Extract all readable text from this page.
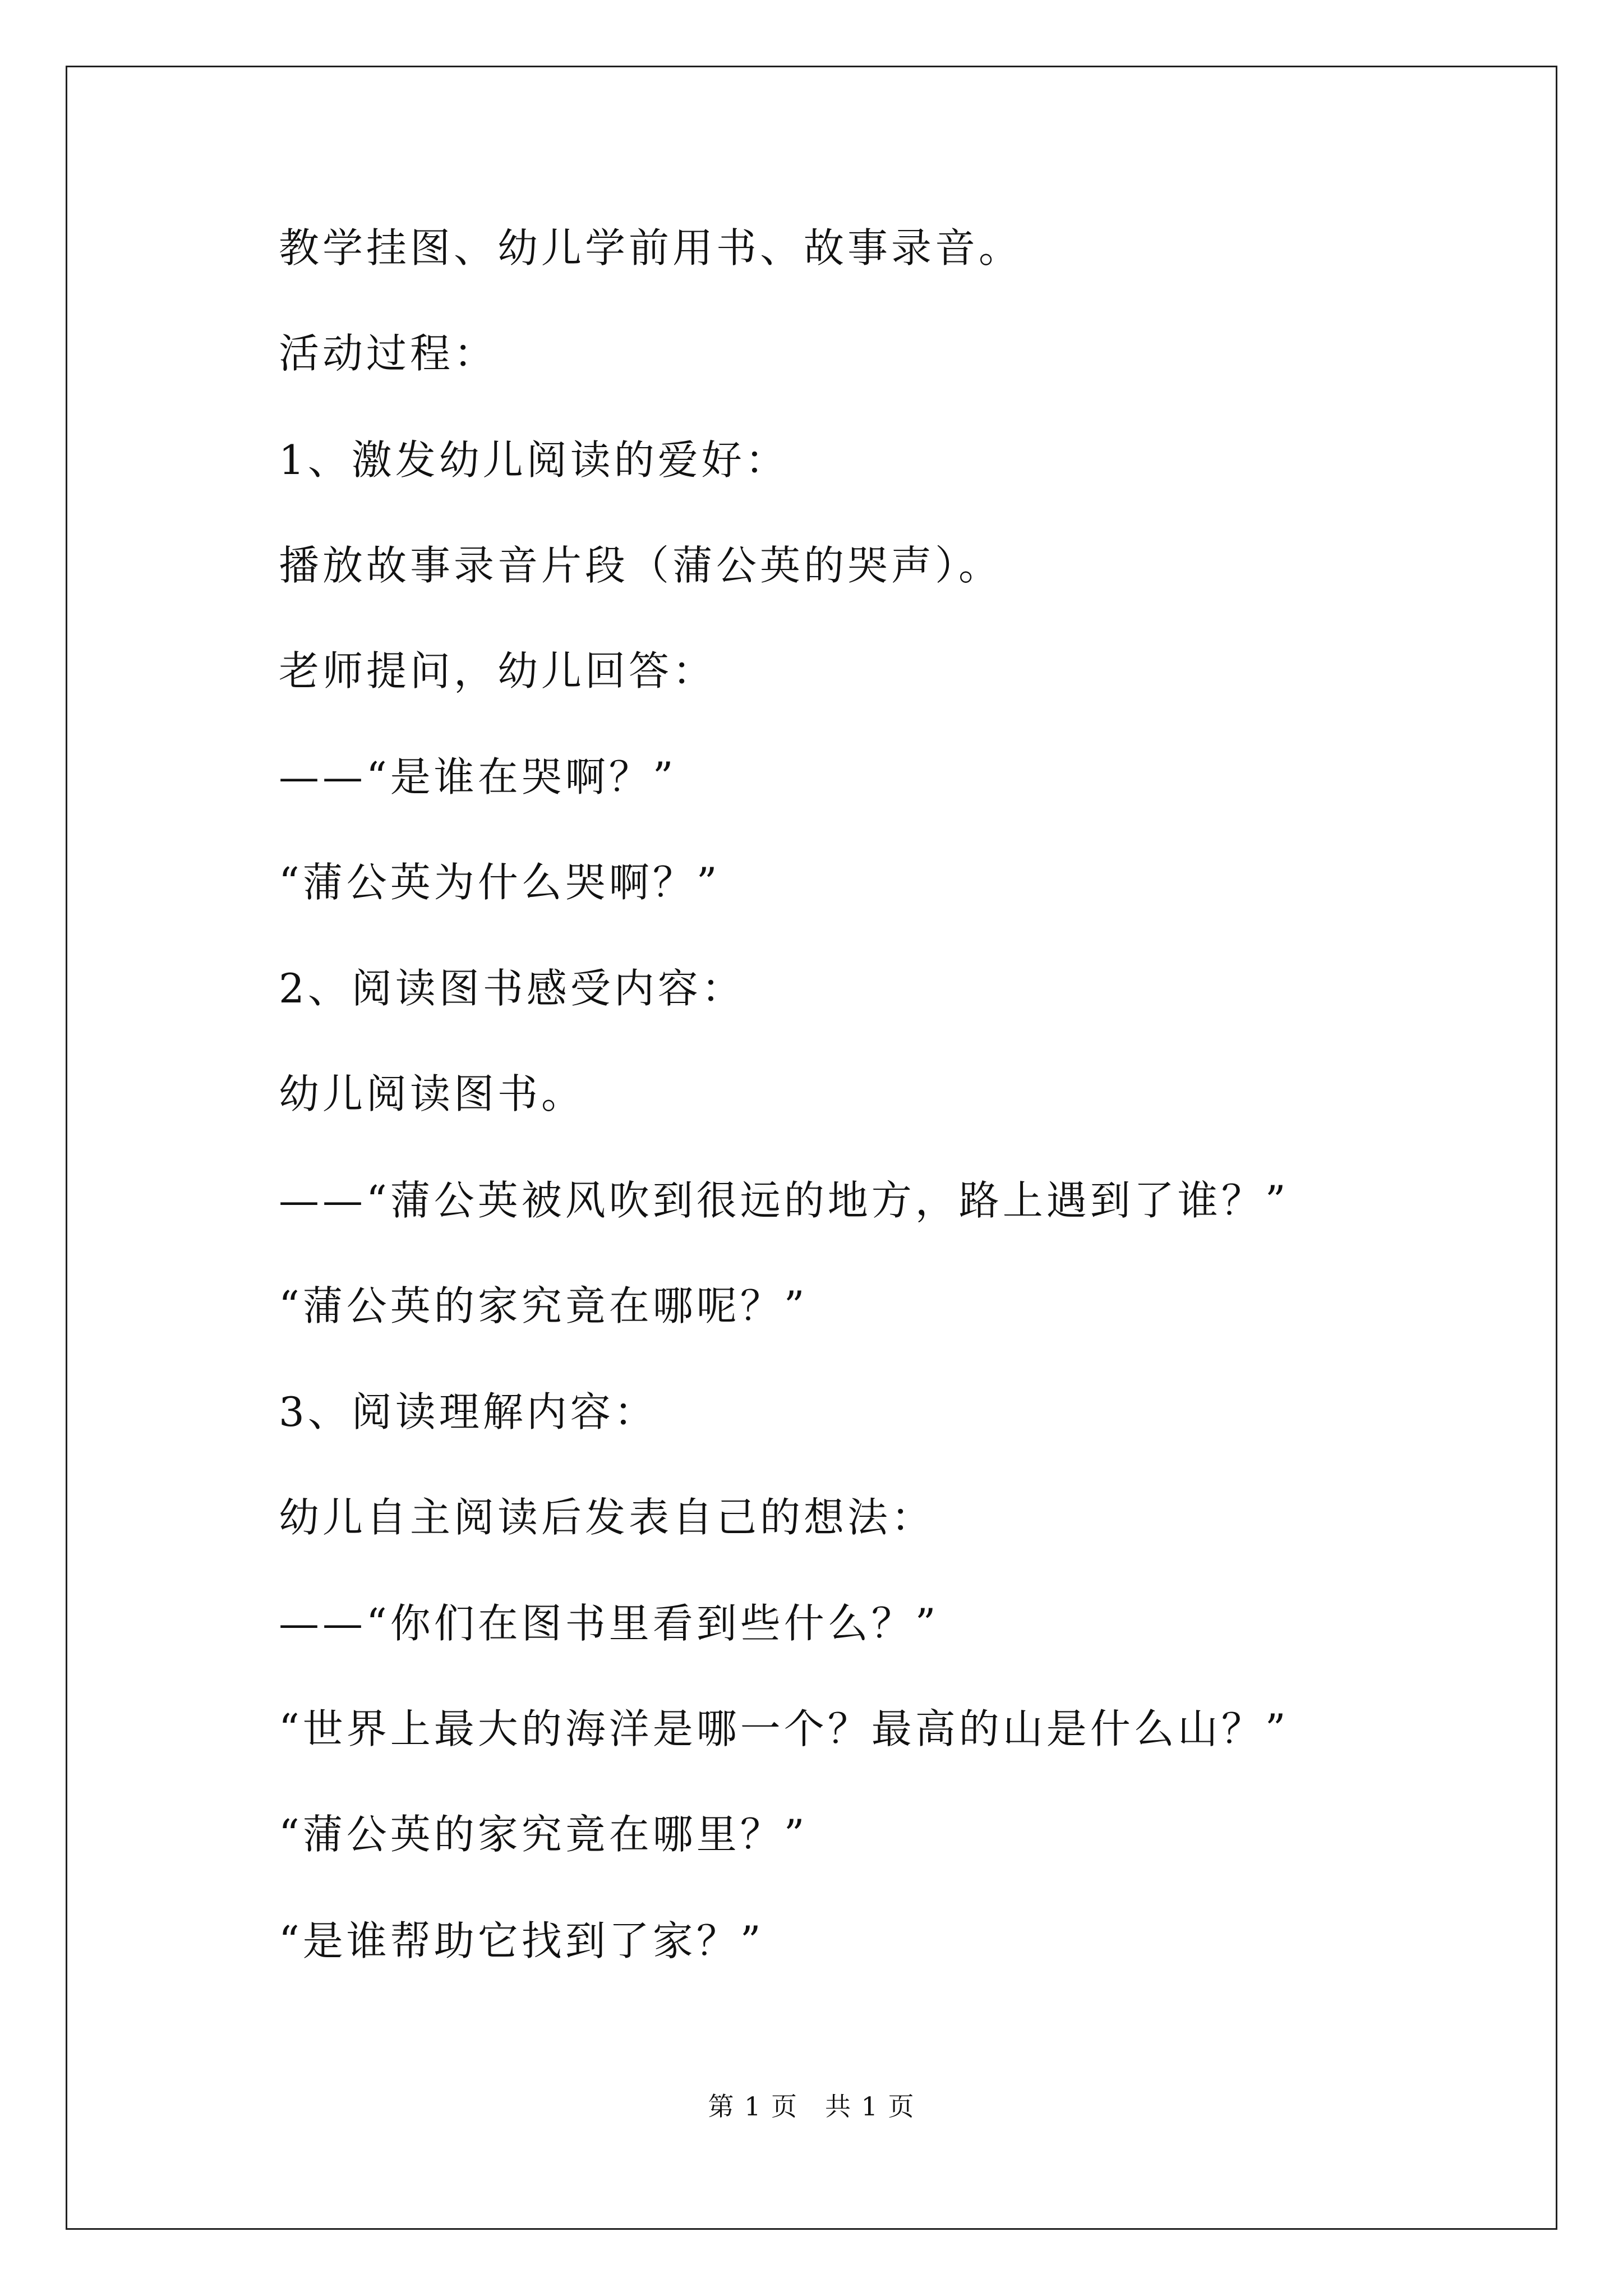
教学挂图、幼儿学前用书、故事录音。
活动过程：
1、激发幼儿阅读的爱好：
播放故事录音片段（蒲公英的哭声）。
老师提问，幼儿回答：
——“是谁在哭啊？”
“蒲公英为什么哭啊？”
2、阅读图书感受内容：
幼儿阅读图书。
——“蒲公英被风吹到很远的地方，路上遇到了谁？”
“蒲公英的家究竟在哪呢？”
3、阅读理解内容：
幼儿自主阅读后发表自己的想法：
——“你们在图书里看到些什么？”
“世界上最大的海洋是哪一个？最高的山是什么山？”
“蒲公英的家究竟在哪里？”
“是谁帮助它找到了家？”
第 1 页　共 1 页
